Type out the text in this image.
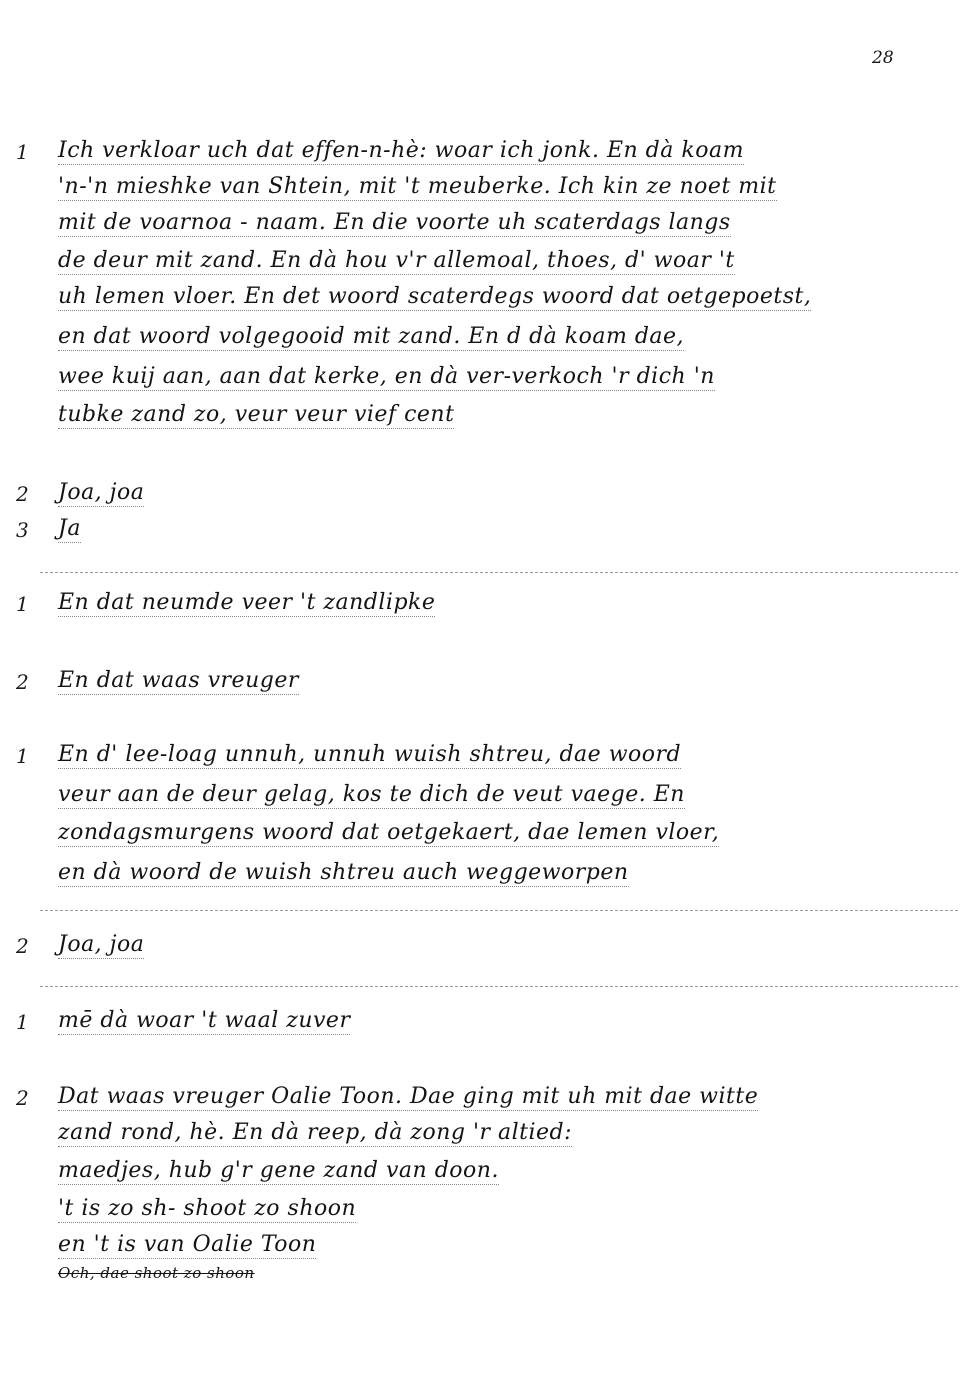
28
1 Ich verkloar uch dat effen-n-hè: woar ich jonk. En dà koam
'n-'n mieshke van Shtein, mit 't meuberke. Ich kin ze noet mit
mit de voarnoa - naam. En die voorte uh scaterdags langs
de deur mit zand. En dà hou v'r allemoal, thoes, d' woar 't
uh lemen vloer. En det woord scaterdegs woord dat oetgepoetst,
en dat woord volgegooid mit zand. En d dà koam dae,
wee kuij aan, aan dat kerke, en dà ver-verkoch 'r dich 'n
tubke zand zo, veur veur vief cent
2 Joa, joa
3 Ja
1 En dat neumde veer 't zandlipke
2 En dat waas vreuger
1 En d' lee-loag unnuh, unnuh wuish shtreu, dae woord
veur aan de deur gelag, kos te dich de veut vaege. En
zondagsmurgens woord dat oetgekaert, dae lemen vloer,
en dà woord de wuish shtreu auch weggeworpen
2 Joa, joa
1 mē dà woar 't waal zuver
2 Dat waas vreuger Oalie Toon. Dae ging mit uh mit dae witte
zand rond, hè. En dà reep, dà zong 'r altied:
maedjes, hub g'r gene zand van doon.
't is zo sh- shoot zo shoon
en 't is van Oalie Toon
Och, dae shoot zo shoon
